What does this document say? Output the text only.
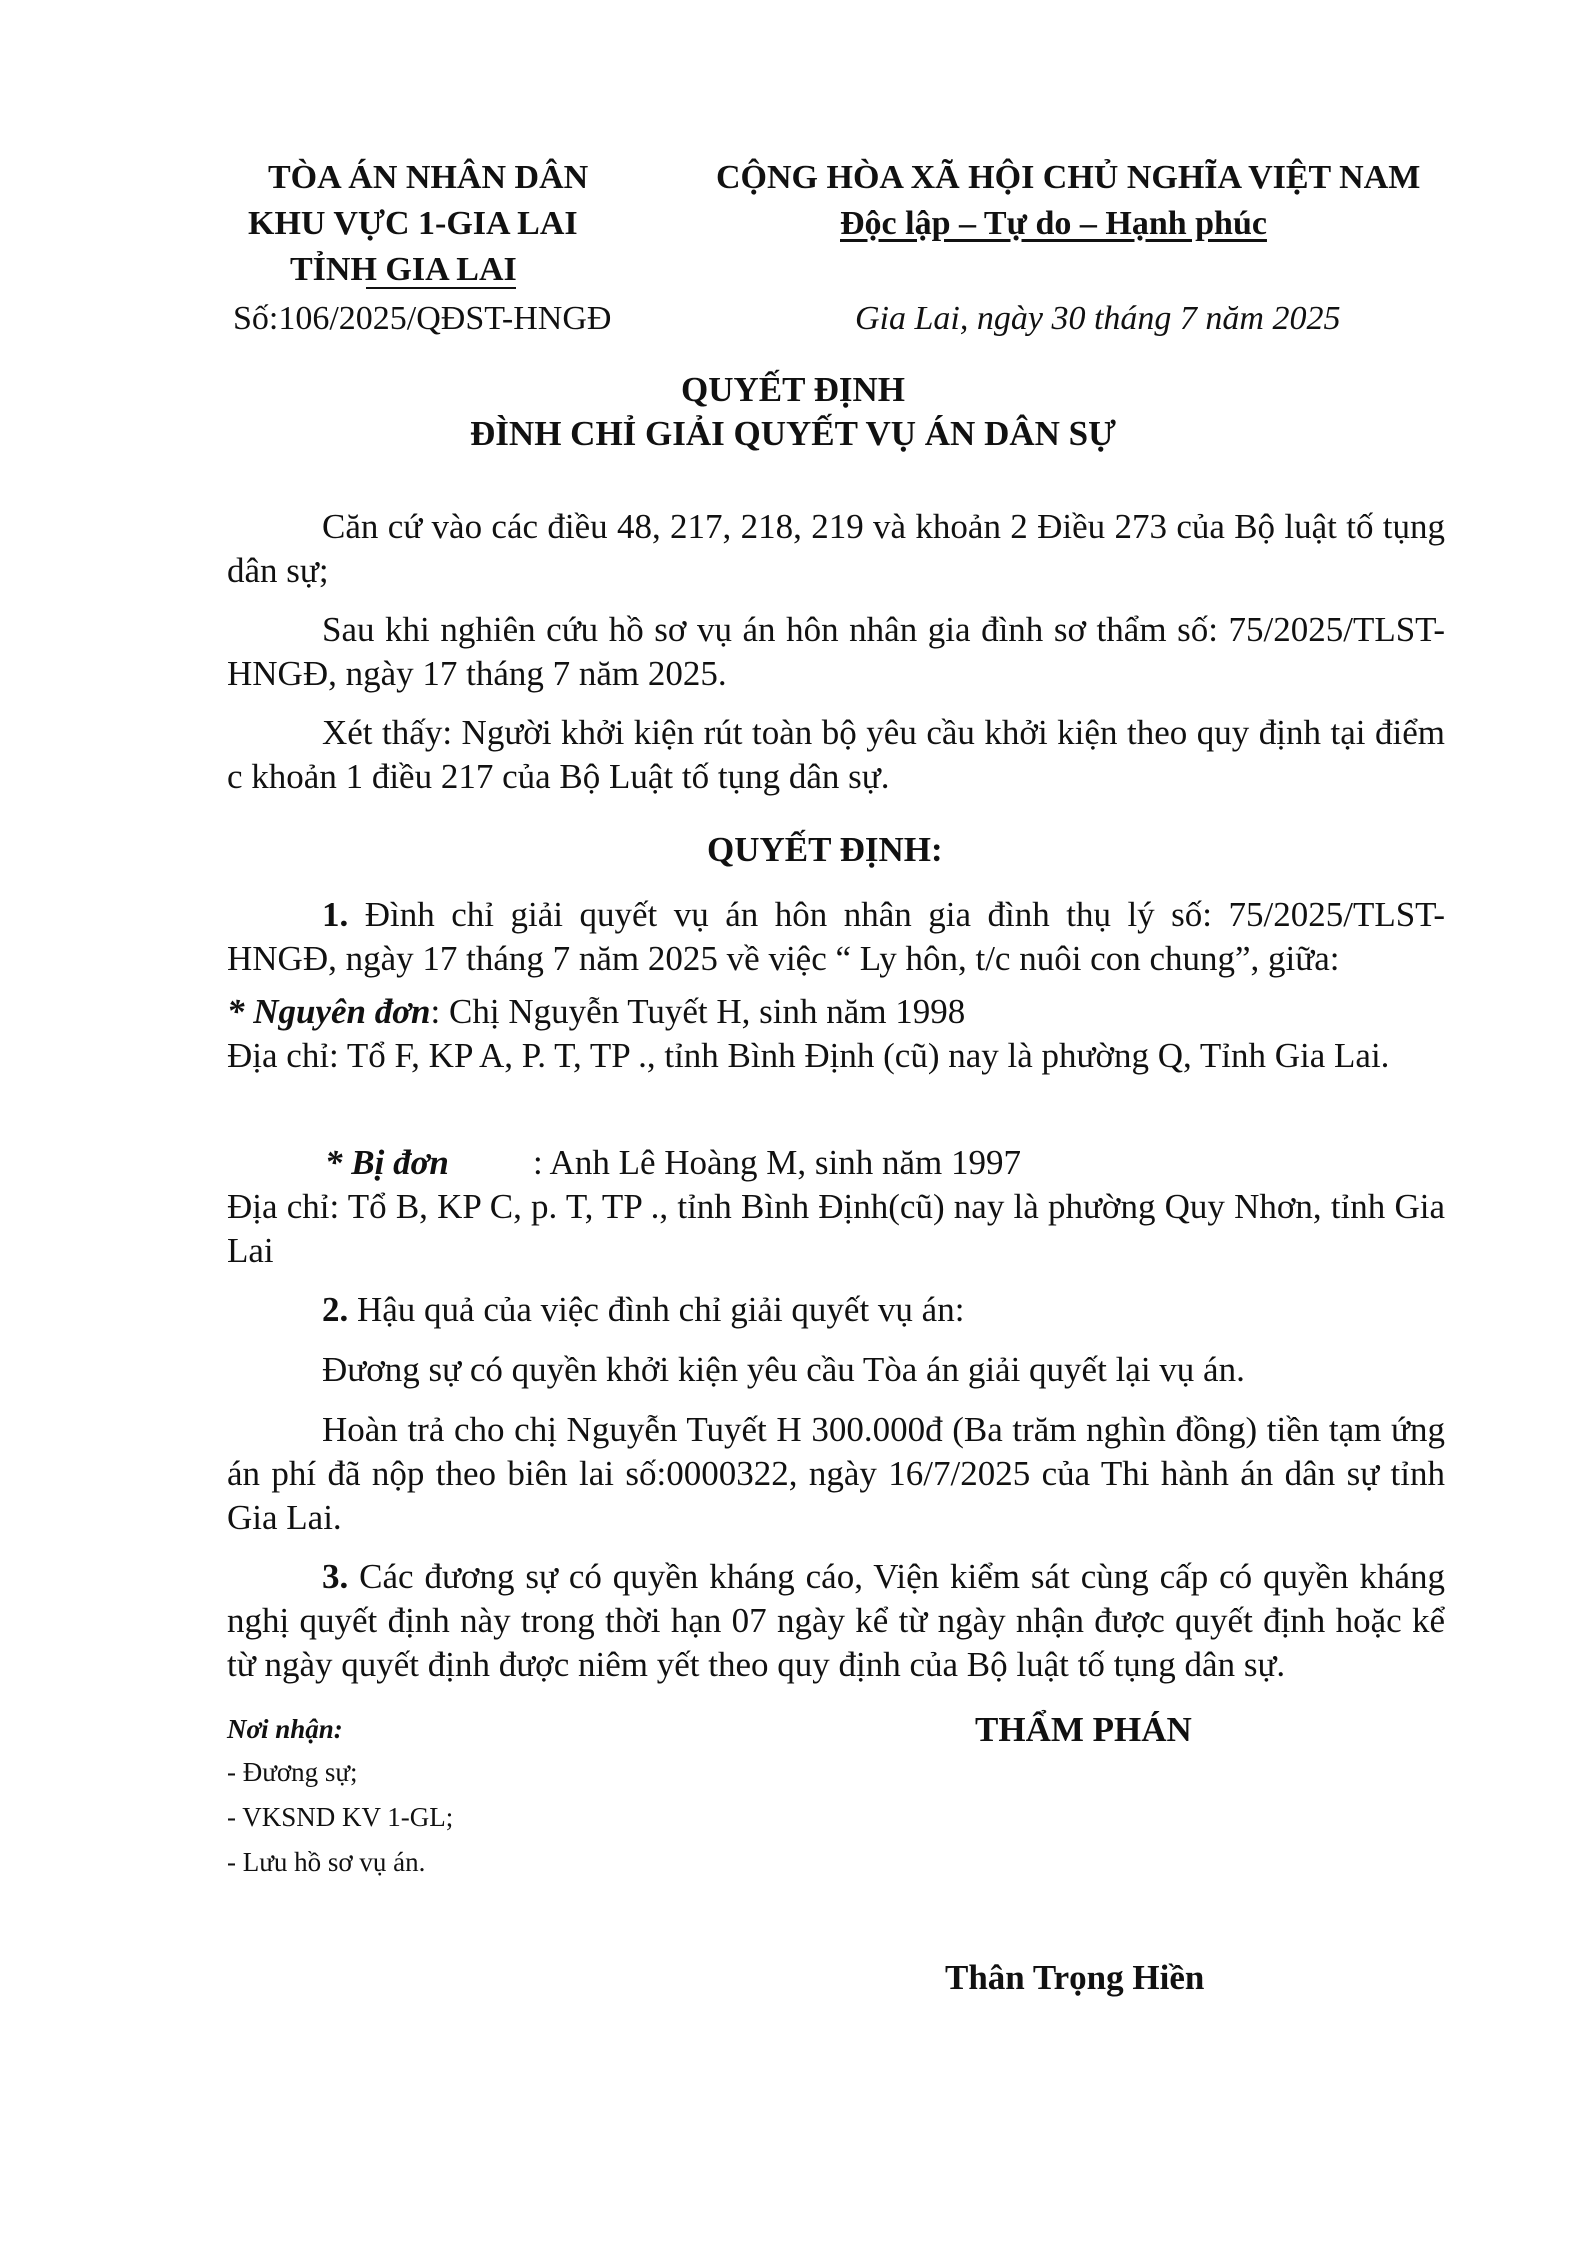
TÒA ÁN NHÂN DÂN
KHU VỰC 1-GIA LAI
TỈNH GIA LAI
Số:106/2025/QĐST-HNGĐ
CỘNG HÒA XÃ HỘI CHỦ NGHĨA VIỆT NAM
Độc lập – Tự do – Hạnh phúc
Gia Lai, ngày 30 tháng 7 năm 2025
QUYẾT ĐỊNH
ĐÌNH CHỈ GIẢI QUYẾT VỤ ÁN DÂN SỰ
Căn cứ vào các điều 48, 217, 218, 219 và khoản 2 Điều 273 của Bộ luật tố tụng dân sự;
Sau khi nghiên cứu hồ sơ vụ án hôn nhân gia đình sơ thẩm số: 75/2025/TLST-HNGĐ, ngày 17 tháng 7 năm 2025.
Xét thấy: Người khởi kiện rút toàn bộ yêu cầu khởi kiện theo quy định tại điểm c khoản 1 điều 217 của Bộ Luật tố tụng dân sự.
QUYẾT ĐỊNH:
1. Đình chỉ giải quyết vụ án hôn nhân gia đình thụ lý số: 75/2025/TLST-HNGĐ, ngày 17 tháng 7 năm 2025 về việc “ Ly hôn, t/c nuôi con chung”, giữa:
* Nguyên đơn: Chị Nguyễn Tuyết H, sinh năm 1998
Địa chỉ: Tổ F, KP A, P. T, TP ., tỉnh Bình Định (cũ) nay là phường Q, Tỉnh Gia Lai.
* Bị đơn : Anh Lê Hoàng M, sinh năm 1997
Địa chỉ: Tổ B, KP C, p. T, TP ., tỉnh Bình Định(cũ) nay là phường Quy Nhơn, tỉnh Gia Lai
2. Hậu quả của việc đình chỉ giải quyết vụ án:
Đương sự có quyền khởi kiện yêu cầu Tòa án giải quyết lại vụ án.
Hoàn trả cho chị Nguyễn Tuyết H 300.000đ (Ba trăm nghìn đồng) tiền tạm ứng án phí đã nộp theo biên lai số:0000322, ngày 16/7/2025 của Thi hành án dân sự tỉnh Gia Lai.
3. Các đương sự có quyền kháng cáo, Viện kiểm sát cùng cấp có quyền kháng nghị quyết định này trong thời hạn 07 ngày kể từ ngày nhận được quyết định hoặc kể từ ngày quyết định được niêm yết theo quy định của Bộ luật tố tụng dân sự.
Nơi nhận:
- Đương sự;
- VKSND KV 1-GL;
- Lưu hồ sơ vụ án.
THẨM PHÁN
Thân Trọng Hiền
